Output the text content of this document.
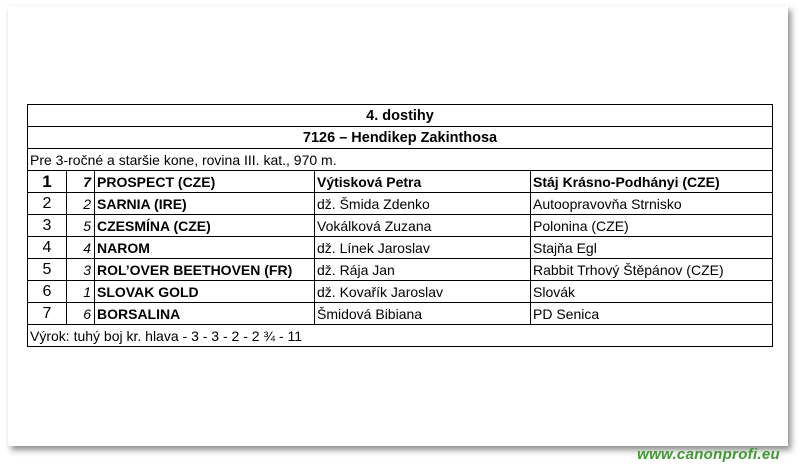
4. dostihy				
7126 – Hendikep Zakinthosa				
Pre 3-ročné a staršie kone, rovina III. kat., 970 m.				
1	7	PROSPECT (CZE)	Výtisková Petra	Stáj Krásno-Podhányi (CZE)
2	2	SARNIA (IRE)	dž. Šmida Zdenko	Autoopravovňa Strnisko
3	5	CZESMÍNA (CZE)	Vokálková Zuzana	Polonina (CZE)
4	4	NAROM	dž. Línek Jaroslav	Stajňa Egl
5	3	ROL’OVER BEETHOVEN (FR)	dž. Rája Jan	Rabbit Trhový Štěpánov (CZE)
6	1	SLOVAK GOLD	dž. Kovařík Jaroslav	Slovák
7	6	BORSALINA	Šmidová Bibiana	PD Senica
Výrok: tuhý boj kr. hlava - 3 - 3 - 2 - 2 ¾ - 11				
www.canonprofi.eu
